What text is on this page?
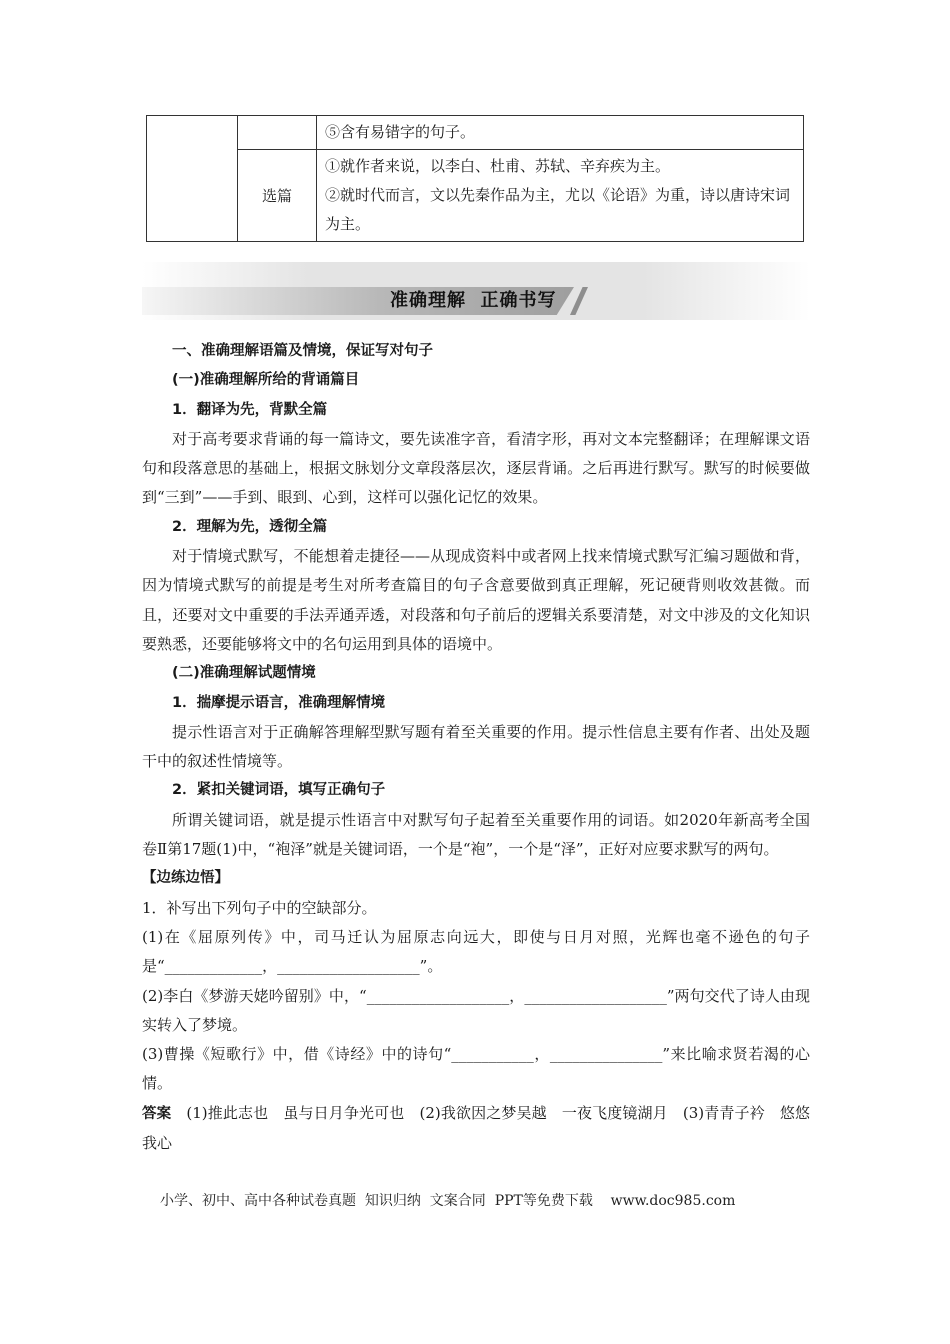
		⑤含有易错字的句子。
	选篇	①就作者来说，以李白、杜甫、苏轼、辛弃疾为主。
②就时代而言，文以先秦作品为主，尤以《论语》为重，诗以唐诗宋词为主。
准确理解  正确书写

一、准确理解语篇及情境，保证写对句子

(一)准确理解所给的背诵篇目

1．翻译为先，背默全篇

对于高考要求背诵的每一篇诗文，要先读准字音，看清字形，再对文本完整翻译；在理解课文语句和段落意思的基础上，根据文脉划分文章段落层次，逐层背诵。之后再进行默写。默写的时候要做到“三到”——手到、眼到、心到，这样可以强化记忆的效果。

2．理解为先，透彻全篇

对于情境式默写，不能想着走捷径——从现成资料中或者网上找来情境式默写汇编习题做和背，因为情境式默写的前提是考生对所考查篇目的句子含意要做到真正理解，死记硬背则收效甚微。而且，还要对文中重要的手法弄通弄透，对段落和句子前后的逻辑关系要清楚，对文中涉及的文化知识要熟悉，还要能够将文中的名句运用到具体的语境中。

(二)准确理解试题情境

1．揣摩提示语言，准确理解情境

提示性语言对于正确解答理解型默写题有着至关重要的作用。提示性信息主要有作者、出处及题干中的叙述性情境等。

2．紧扣关键词语，填写正确句子

所谓关键词语，就是提示性语言中对默写句子起着至关重要作用的词语。如2020年新高考全国卷Ⅱ第17题(1)中，“袍泽”就是关键词语，一个是“袍”，一个是“泽”，正好对应要求默写的两句。

【边练边悟】

1．补写出下列句子中的空缺部分。

(1)在《屈原列传》中，司马迁认为屈原志向远大，即使与日月对照，光辉也毫不逊色的句子是“_____________，___________________”。

(2)李白《梦游天姥吟留别》中，“___________________，___________________”两句交代了诗人由现实转入了梦境。

(3)曹操《短歌行》中，借《诗经》中的诗句“___________，_______________”来比喻求贤若渴的心情。

答案　(1)推此志也　虽与日月争光可也　(2)我欲因之梦吴越　一夜飞度镜湖月　(3)青青子衿　悠悠我心

小学、初中、高中各种试卷真题  知识归纳  文案合同  PPT等免费下载    www.doc985.com
